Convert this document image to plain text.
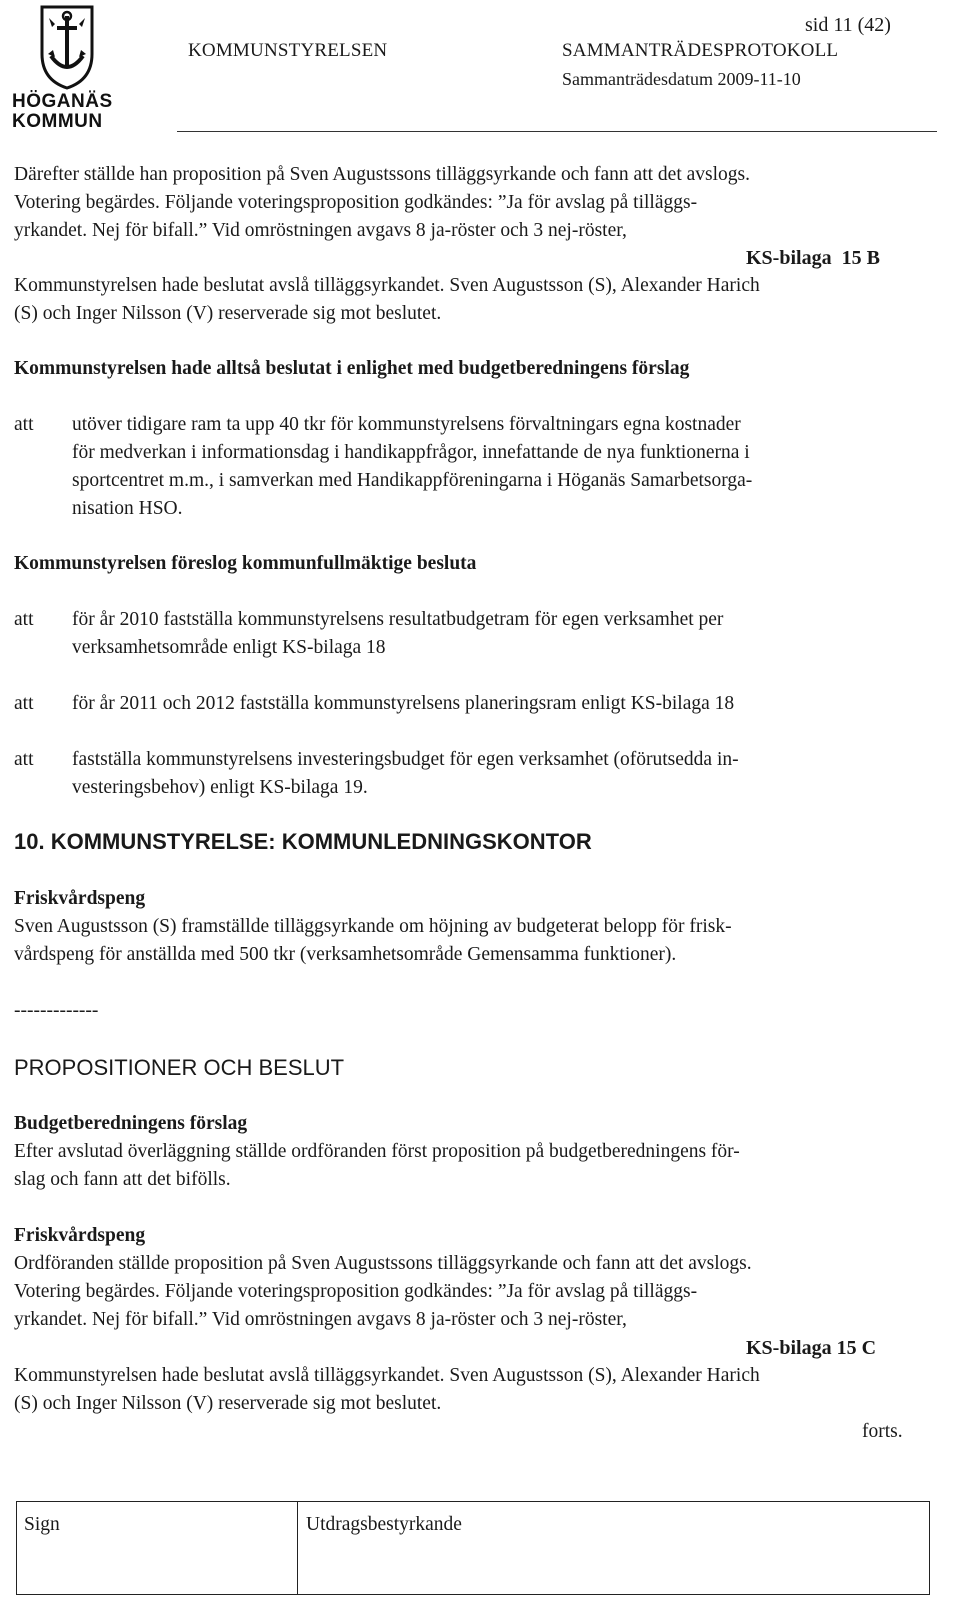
HÖGANÄS
KOMMUN
sid 11 (42)
KOMMUNSTYRELSEN	SAMMANTRÄDESPROTOKOLL
Sammanträdesdatum 2009-11-10
Därefter ställde han proposition på Sven Augustssons tilläggsyrkande och fann att det avslogs.
Votering begärdes. Följande voteringsproposition godkändes: ”Ja för avslag på tilläggs-
yrkandet. Nej för bifall.” Vid omröstningen avgavs 8 ja-röster och 3 nej-röster,
KS-bilaga  15 B
Kommunstyrelsen hade beslutat avslå tilläggsyrkandet. Sven Augustsson (S), Alexander Harich
(S) och Inger Nilsson (V) reserverade sig mot beslutet.
Kommunstyrelsen hade alltså beslutat i enlighet med budgetberedningens förslag
att utöver tidigare ram ta upp 40 tkr för kommunstyrelsens förvaltningars egna kostnader
för medverkan i informationsdag i handikappfrågor, innefattande de nya funktionerna i
sportcentret m.m., i samverkan med Handikappföreningarna i Höganäs Samarbetsorga-
nisation HSO.
Kommunstyrelsen föreslog kommunfullmäktige besluta
att för år 2010 fastställa kommunstyrelsens resultatbudgetram för egen verksamhet per
verksamhetsområde enligt KS-bilaga 18
att för år 2011 och 2012 fastställa kommunstyrelsens planeringsram enligt KS-bilaga 18
att fastställa kommunstyrelsens investeringsbudget för egen verksamhet (oförutsedda in-
vesteringsbehov) enligt KS-bilaga 19.
10. KOMMUNSTYRELSE: KOMMUNLEDNINGSKONTOR
Friskvårdspeng
Sven Augustsson (S) framställde tilläggsyrkande om höjning av budgeterat belopp för frisk-
vårdspeng för anställda med 500 tkr (verksamhetsområde Gemensamma funktioner).
-------------
PROPOSITIONER OCH BESLUT
Budgetberedningens förslag
Efter avslutad överläggning ställde ordföranden först proposition på budgetberedningens för-
slag och fann att det bifölls.
Friskvårdspeng
Ordföranden ställde proposition på Sven Augustssons tilläggsyrkande och fann att det avslogs.
Votering begärdes. Följande voteringsproposition godkändes: ”Ja för avslag på tilläggs-
yrkandet. Nej för bifall.” Vid omröstningen avgavs 8 ja-röster och 3 nej-röster,
KS-bilaga 15 C
Kommunstyrelsen hade beslutat avslå tilläggsyrkandet. Sven Augustsson (S), Alexander Harich
(S) och Inger Nilsson (V) reserverade sig mot beslutet.
forts.
Sign	Utdragsbestyrkande
